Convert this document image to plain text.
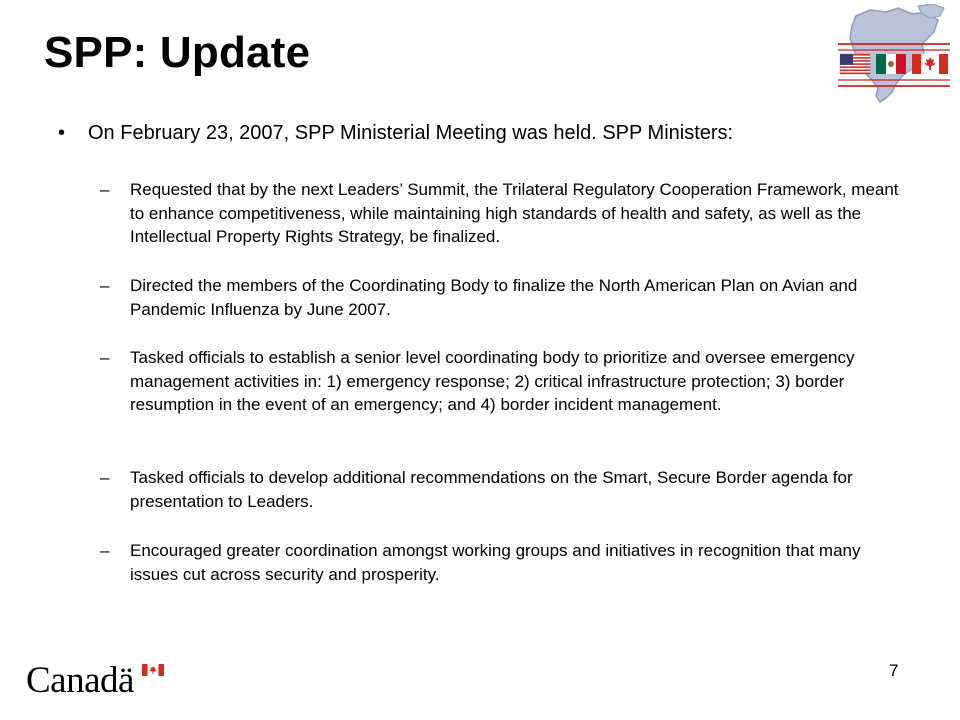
SPP: Update
• On February 23, 2007, SPP Ministerial Meeting was held. SPP Ministers:
– Requested that by the next Leaders’ Summit, the Trilateral Regulatory Cooperation Framework, meant to enhance competitiveness, while maintaining high standards of health and safety, as well as the Intellectual Property Rights Strategy, be finalized.
– Directed the members of the Coordinating Body to finalize the North American Plan on Avian and Pandemic Influenza by June 2007.
– Tasked officials to establish a senior level coordinating body to prioritize and oversee emergency management activities in: 1) emergency response; 2) critical infrastructure protection; 3) border resumption in the event of an emergency; and 4) border incident management.
– Tasked officials to develop additional recommendations on the Smart, Secure Border agenda for presentation to Leaders.
– Encouraged greater coordination amongst working groups and initiatives in recognition that many issues cut across security and prosperity.
Canadä	7
